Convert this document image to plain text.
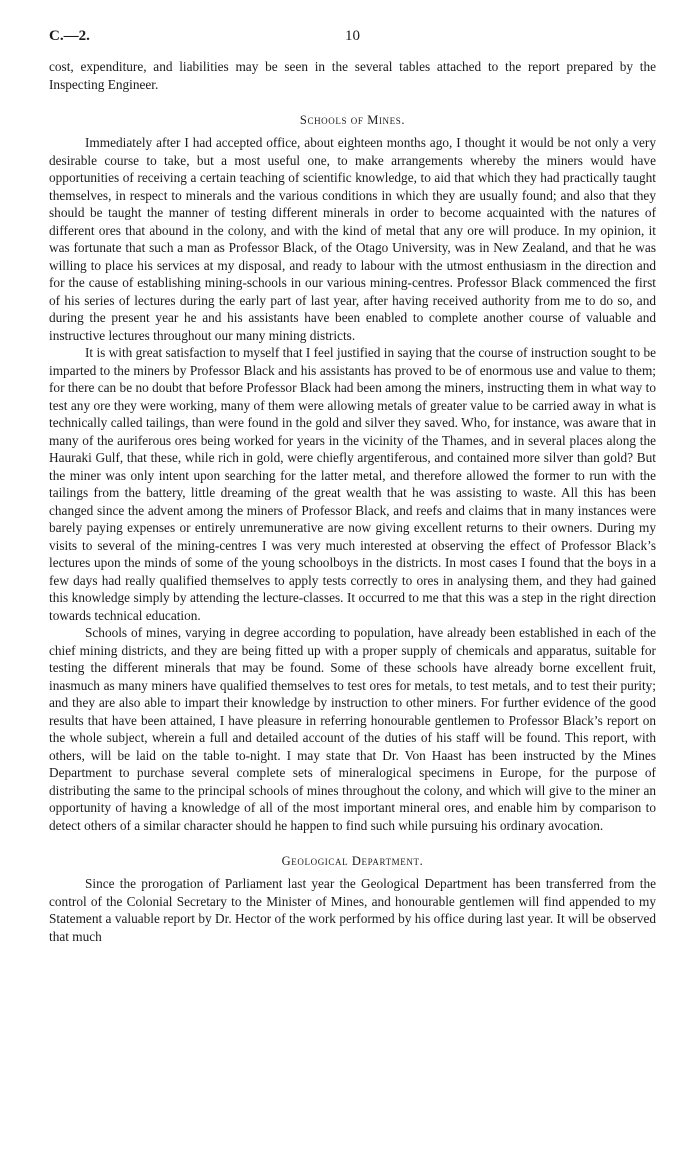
C.—2.	10

cost, expenditure, and liabilities may be seen in the several tables attached to the report prepared by the Inspecting Engineer.

Schools of Mines.

Immediately after I had accepted office, about eighteen months ago, I thought it would be not only a very desirable course to take, but a most useful one, to make arrangements whereby the miners would have opportunities of receiving a certain teaching of scientific knowledge, to aid that which they had practically taught themselves, in respect to minerals and the various conditions in which they are usually found; and also that they should be taught the manner of testing different minerals in order to become acquainted with the natures of different ores that abound in the colony, and with the kind of metal that any ore will produce. In my opinion, it was fortunate that such a man as Professor Black, of the Otago University, was in New Zealand, and that he was willing to place his services at my disposal, and ready to labour with the utmost enthusiasm in the direction and for the cause of establishing mining-schools in our various mining-centres. Professor Black commenced the first of his series of lectures during the early part of last year, after having received authority from me to do so, and during the present year he and his assistants have been enabled to complete another course of valuable and instructive lectures throughout our many mining districts.

It is with great satisfaction to myself that I feel justified in saying that the course of instruction sought to be imparted to the miners by Professor Black and his assistants has proved to be of enormous use and value to them; for there can be no doubt that before Professor Black had been among the miners, instructing them in what way to test any ore they were working, many of them were allowing metals of greater value to be carried away in what is technically called tailings, than were found in the gold and silver they saved. Who, for instance, was aware that in many of the auriferous ores being worked for years in the vicinity of the Thames, and in several places along the Hauraki Gulf, that these, while rich in gold, were chiefly argentiferous, and contained more silver than gold? But the miner was only intent upon searching for the latter metal, and therefore allowed the former to run with the tailings from the battery, little dreaming of the great wealth that he was assisting to waste. All this has been changed since the advent among the miners of Professor Black, and reefs and claims that in many instances were barely paying expenses or entirely unremunerative are now giving excellent returns to their owners. During my visits to several of the mining-centres I was very much interested at observing the effect of Professor Black’s lectures upon the minds of some of the young schoolboys in the districts. In most cases I found that the boys in a few days had really qualified themselves to apply tests correctly to ores in analysing them, and they had gained this knowledge simply by attending the lecture-classes. It occurred to me that this was a step in the right direction towards technical education.

Schools of mines, varying in degree according to population, have already been established in each of the chief mining districts, and they are being fitted up with a proper supply of chemicals and apparatus, suitable for testing the different minerals that may be found. Some of these schools have already borne excellent fruit, inasmuch as many miners have qualified themselves to test ores for metals, to test metals, and to test their purity; and they are also able to impart their knowledge by instruction to other miners. For further evidence of the good results that have been attained, I have pleasure in referring honourable gentlemen to Professor Black’s report on the whole subject, wherein a full and detailed account of the duties of his staff will be found. This report, with others, will be laid on the table to-night. I may state that Dr. Von Haast has been instructed by the Mines Department to purchase several complete sets of mineralogical specimens in Europe, for the purpose of distributing the same to the principal schools of mines throughout the colony, and which will give to the miner an opportunity of having a knowledge of all of the most important mineral ores, and enable him by comparison to detect others of a similar character should he happen to find such while pursuing his ordinary avocation.

Geological Department.

Since the prorogation of Parliament last year the Geological Department has been transferred from the control of the Colonial Secretary to the Minister of Mines, and honourable gentlemen will find appended to my Statement a valuable report by Dr. Hector of the work performed by his office during last year. It will be observed that much
